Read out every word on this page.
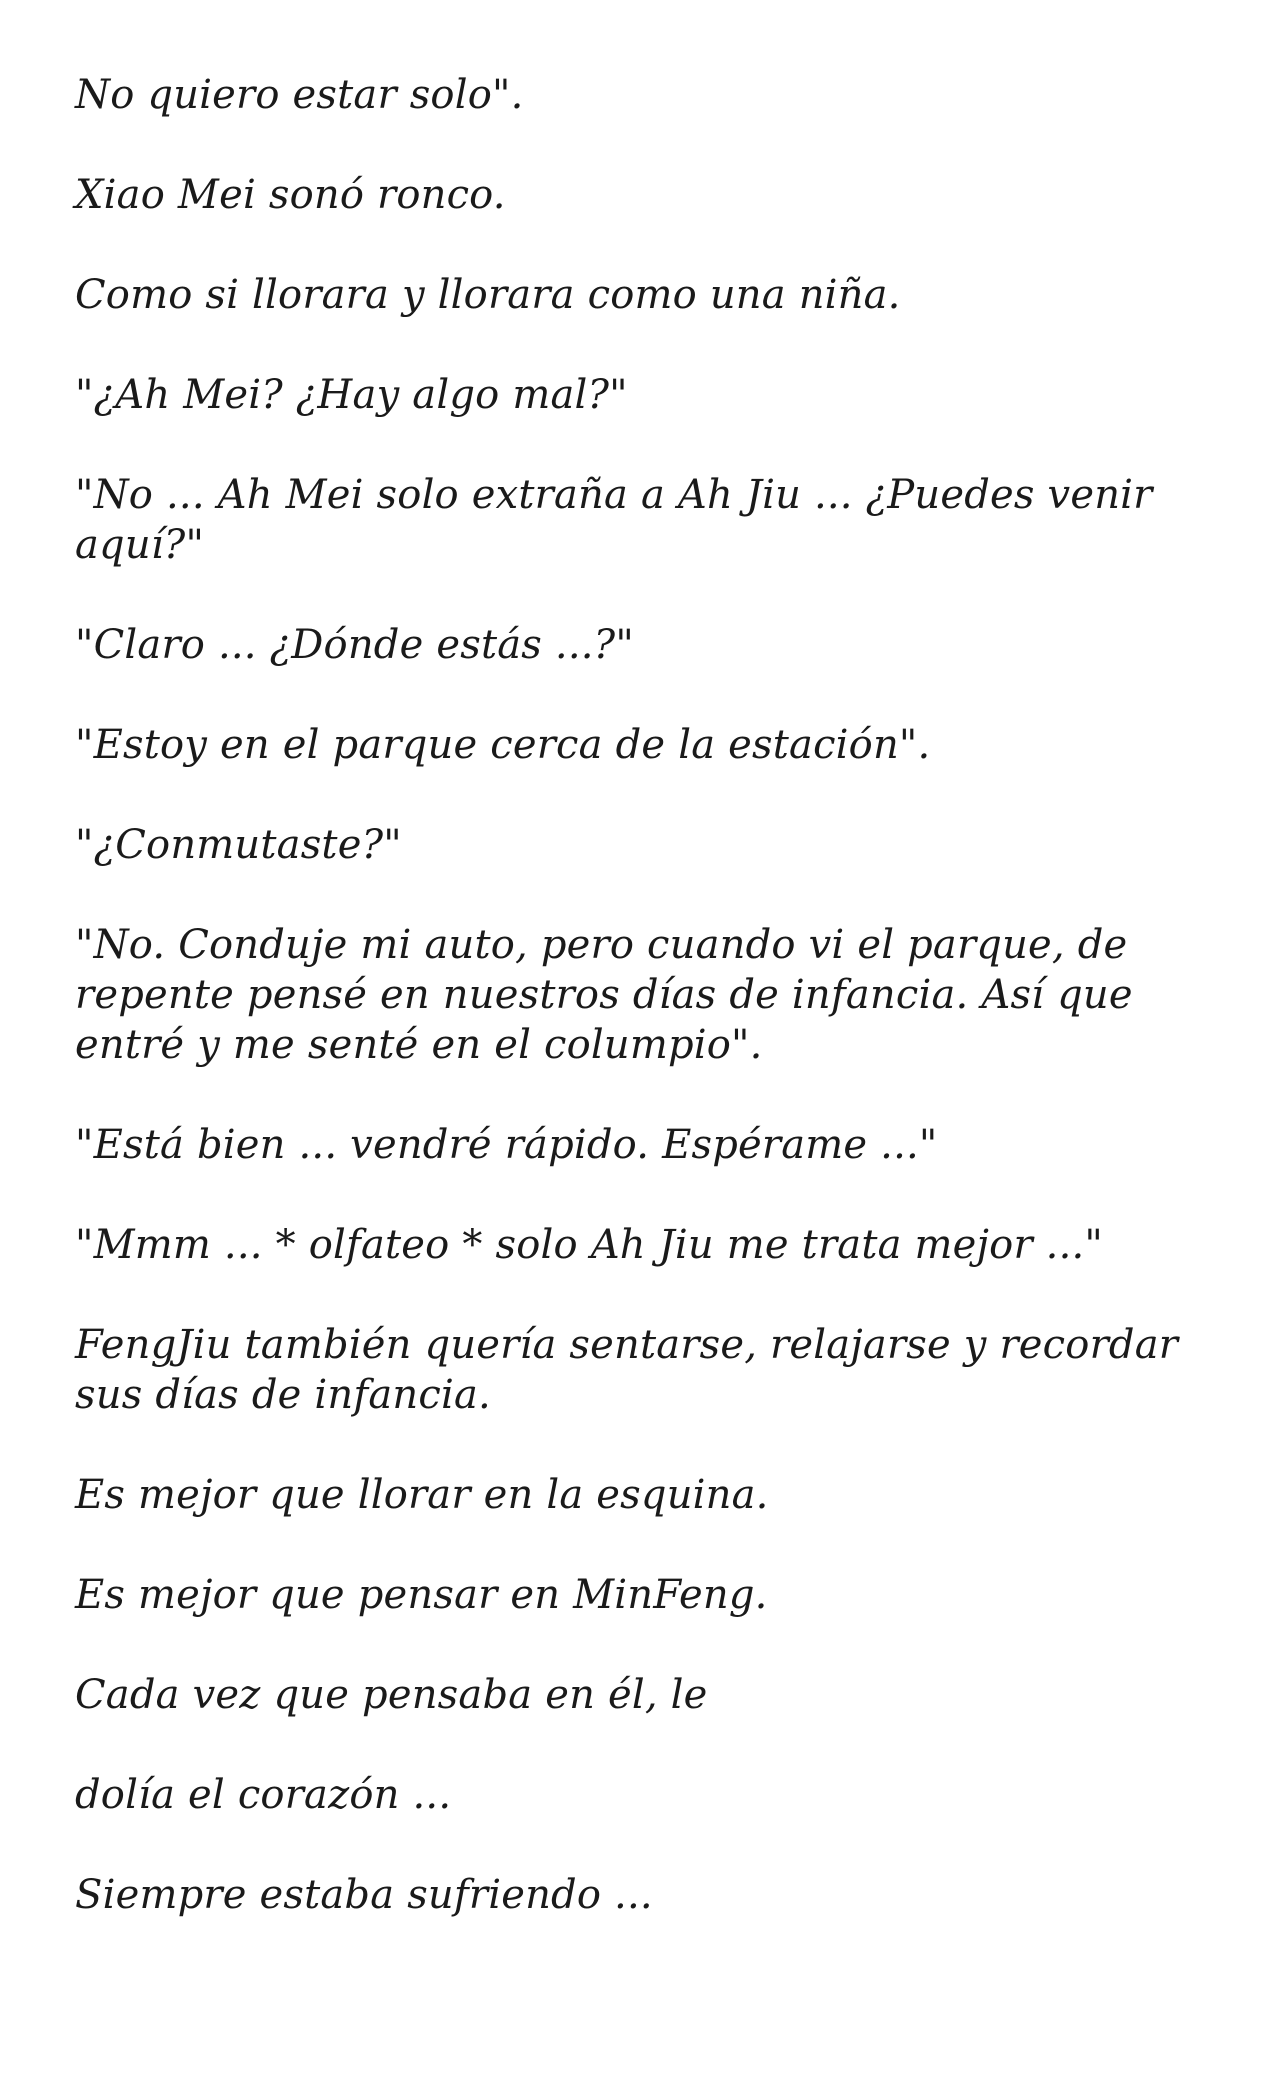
No quiero estar solo".

Xiao Mei sonó ronco.

Como si llorara y llorara como una niña.

"¿Ah Mei? ¿Hay algo mal?"

"No ... Ah Mei solo extraña a Ah Jiu ... ¿Puedes venir aquí?"

"Claro ... ¿Dónde estás ...?"

"Estoy en el parque cerca de la estación".

"¿Conmutaste?"

"No. Conduje mi auto, pero cuando vi el parque, de repente pensé en nuestros días de infancia. Así que entré y me senté en el columpio".

"Está bien ... vendré rápido. Espérame ..."

"Mmm ... * olfateo * solo Ah Jiu me trata mejor ..."

FengJiu también quería sentarse, relajarse y recordar sus días de infancia.

Es mejor que llorar en la esquina.

Es mejor que pensar en MinFeng.

Cada vez que pensaba en él, le

dolía el corazón ...

Siempre estaba sufriendo ...
